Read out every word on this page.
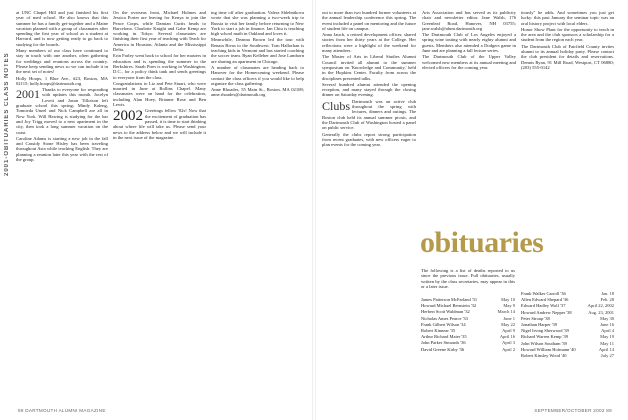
2001-OBITUARIES CLASS NOTES

at UNC Chapel Hill and just finished his first year of med school. He also knows that this summer he has a family get-together and a Maine vacation planned with a group of classmates after spending the first year of school as a student at Harvard, and is now getting ready to go back to studying for the boards.

Many members of our class have continued to stay in touch with one another, often gathering for weddings and reunions across the country. Please keep sending news so we can include it in the next set of notes!

Holly Hoops, 1 Blue Ave., #23, Boston, MA 02115; holly.hoops@dartmouth.org

2001 Thanks to everyone for responding with updates this month. Jocelyn Lovett and Jason Tillotson left graduate school this spring; Mindy Kaleng, Tomoeda Unzel and Nick Campbell are all in New York. Will Hawing is studying for the bar and Joy Trigg moved to a new apartment in the city, then took a long summer vacation on the coast.

Caroline Adams is starting a new job in the fall and Cassidy Stone Hisley has been traveling throughout Asia while teaching English. They are planning a reunion later this year with the rest of the group.

On the overseas front, Michael Holmes and Jessica Porter are leaving for Kenya to join the Peace Corps, while Damian Curtis heads to Barcelona. Charlotte Knight and Gabe Kemp are working in Tokyo. Several classmates are finishing their first year of teaching with Teach for America in Houston, Atlanta and the Mississippi Delta.

Erin Farley went back to school for her masters in education and is spending the summer in the Berkshires. Sarah Pires is working in Washington, D.C., for a policy think tank and sends greetings to everyone from the class.

Congratulations to Liz and Pete Stuart, who were married in June at Rollins Chapel. Many classmates were on hand for the celebration, including Alan Hoey, Brianne Rose and Ben Lewis.

2002 Greetings fellow '02s! Now that the excitement of graduation has passed, it is time to start thinking about where life will take us. Please send your news to the address below and we will include it in the next issue of the magazine.

ing time off after graduation. Valera Shlebnikova wrote that she was planning a two-week trip to Russia to visit her family before returning to New York to start a job in finance. Ian Chiu is teaching high school math in Oakland and loves it.

Meanwhile, Deanna Brown led the tour with Renata Rivas to the Southwest. Tom Hallorhan is teaching kids in Vermont and has started coaching the soccer team. Ryan Kelleher and Jose Lamborn are sharing an apartment in Chicago.

A number of classmates are heading back to Hanover for the Homecoming weekend. Please contact the class officers if you would like to help organize the class gathering.

Anne Rhoades, 55 Main St., Boston, MA 02108; anne.rhoades@dartmouth.org

88 DARTMOUTH ALUMNI MAGAZINE

out to more than two hundred former volunteers at the annual leadership conference this spring. The event included a panel on mentoring and the future of student life on campus.

Anna Jauch, a retired development officer, shared stories from her thirty years at the College. Her reflections were a highlight of the weekend for many attendees.

The Master of Arts in Liberal Studies Alumni Council invited all alumni to the summer symposium on 'Knowledge and Community,' held in the Hopkins Center. Faculty from across the disciplines presented talks.

Several hundred alumni attended the opening reception, and many stayed through the closing dinner on Saturday evening.

Clubs Dartmouth was an active club throughout the spring with lectures, dinners and outings. The Boston club held its annual summer picnic, and the Dartmouth Club of Washington hosted a panel on public service.

Generally the clubs report strong participation from recent graduates, with new officers eager to plan events for the coming year.

Arts Association and has served as its publicity chair and newsletter editor. Jane Walsh, 176 Greenleaf Road, Hanover, NH 03755; jane.walsh@alum.dartmouth.org

The Dartmouth Club of Los Angeles enjoyed a spring wine tasting with nearly eighty alumni and guests. Members also attended a Dodgers game in June and are planning a fall lecture series.

The Dartmouth Club of the Upper Valley welcomed new members at its annual meeting and elected officers for the coming year.

tiously" he adds. And sometimes you just get lucky: this past January the seminar topic was an oral history project with local elders.

Honor Show Plant for the opportunity to teach in the area and the club sponsors a scholarship for a student from the region each year.

The Dartmouth Club of Fairfield County invites alumni to its annual holiday party. Please contact the club president for details and reservations. Dennis Ryan, 91 Mill Road, Westport, CT 06880; (203) 555-0142

obituaries
The following is a list of deaths reported to us since the previous issue. Full obituaries, usually written by the class secretaries, may appear in this or a later issue.
James Patterson McFarland '31	May 10
Howard Michael Bernstein '32	May 9
Herbert Scott Waldman '32	March 14
Nicholas Ames Pearce '33	June 1
Frank Gilbert Wilson '34	May 22
Robert Kinnear '35	April 9
Arthur Richard Maier '35	April 16
John Parker Simonds '36	April 3
David Greene Kirby '36	April 2
Frank Walker Carroll '36	Jan. 18
Allen Edward Shepard '36	Feb. 28
Edward Hadley Wolf '37	April 22, 2002
Howard Andrew Nepper '38	Aug. 23, 2001
Peter Stroup '38	May 30
Jonathan Harper '39	June 16
Nigel Irving Sherwood '39	April 4
Richard Warren Kemp '39	May 19
John Wilson Southam '39	May 11
Howard William Hofmann '40	April 14
Robert Kinsley Wood '40	July 27
SEPTEMBER/OCTOBER 2002 89
